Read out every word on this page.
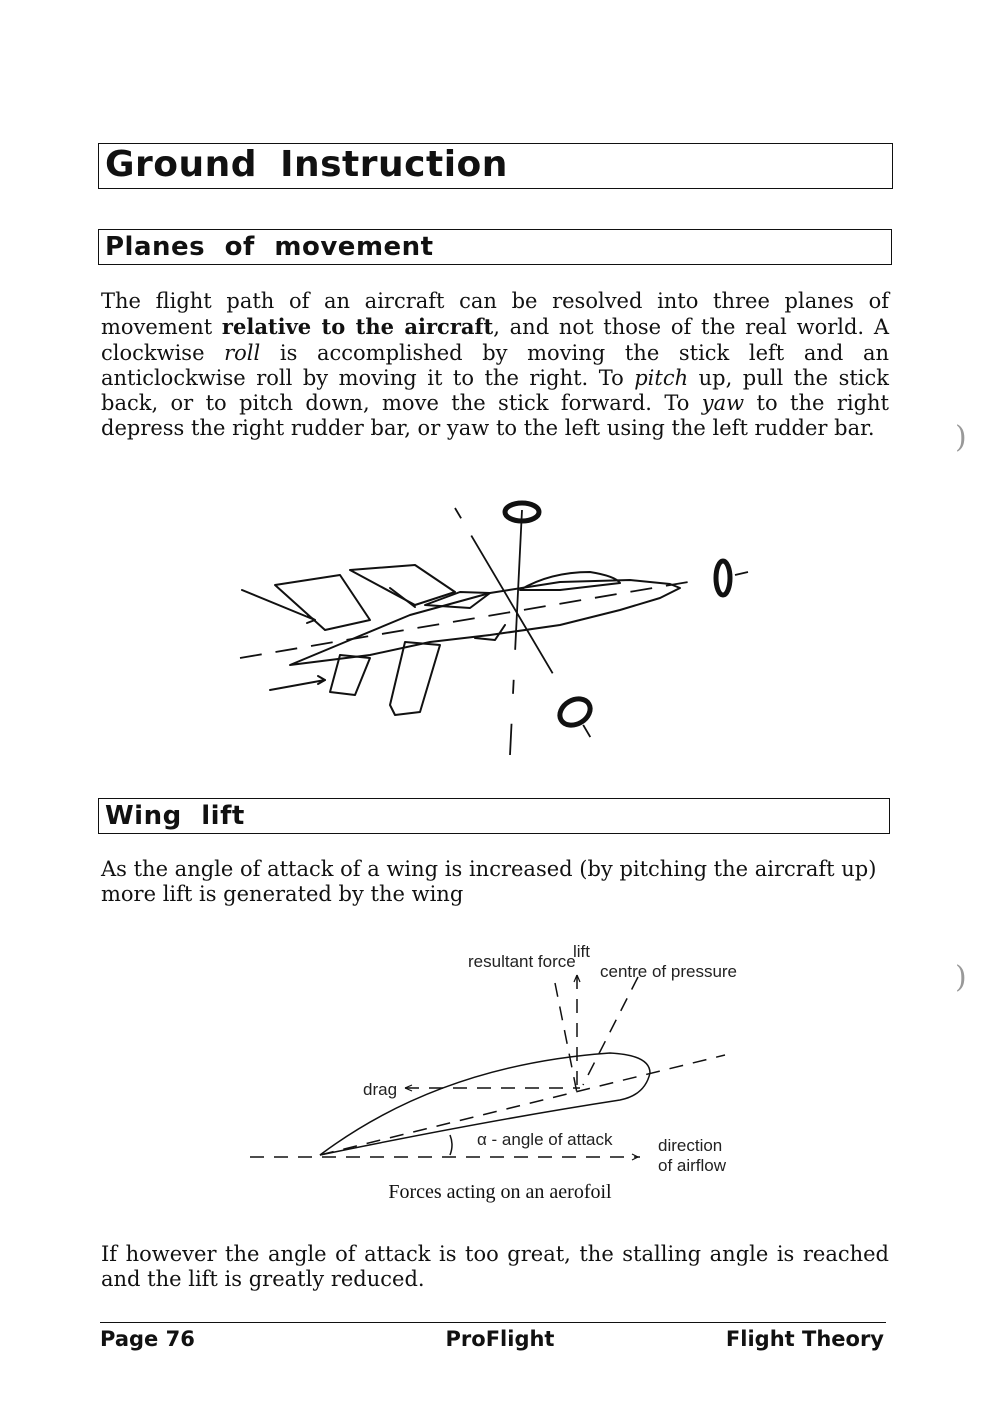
Ground Instruction
Planes of movement
The flight path of an aircraft can be resolved into three planes of movement relative to the aircraft, and not those of the real world. A clockwise roll is accomplished by moving the stick left and an anticlockwise roll by moving it to the right. To pitch up, pull the stick back, or to pitch down, move the stick forward. To yaw to the right depress the right rudder bar, or yaw to the left using the left rudder bar.
Wing lift
As the angle of attack of a wing is increased (by pitching the aircraft up) more lift is generated by the wing
resultant force
lift
centre of pressure
drag
α - angle of attack	direction
of airflow
Forces acting on an aerofoil
If however the angle of attack is too great, the stalling angle is reached and the lift is greatly reduced.
Page 76	ProFlight	Flight Theory
)
)
